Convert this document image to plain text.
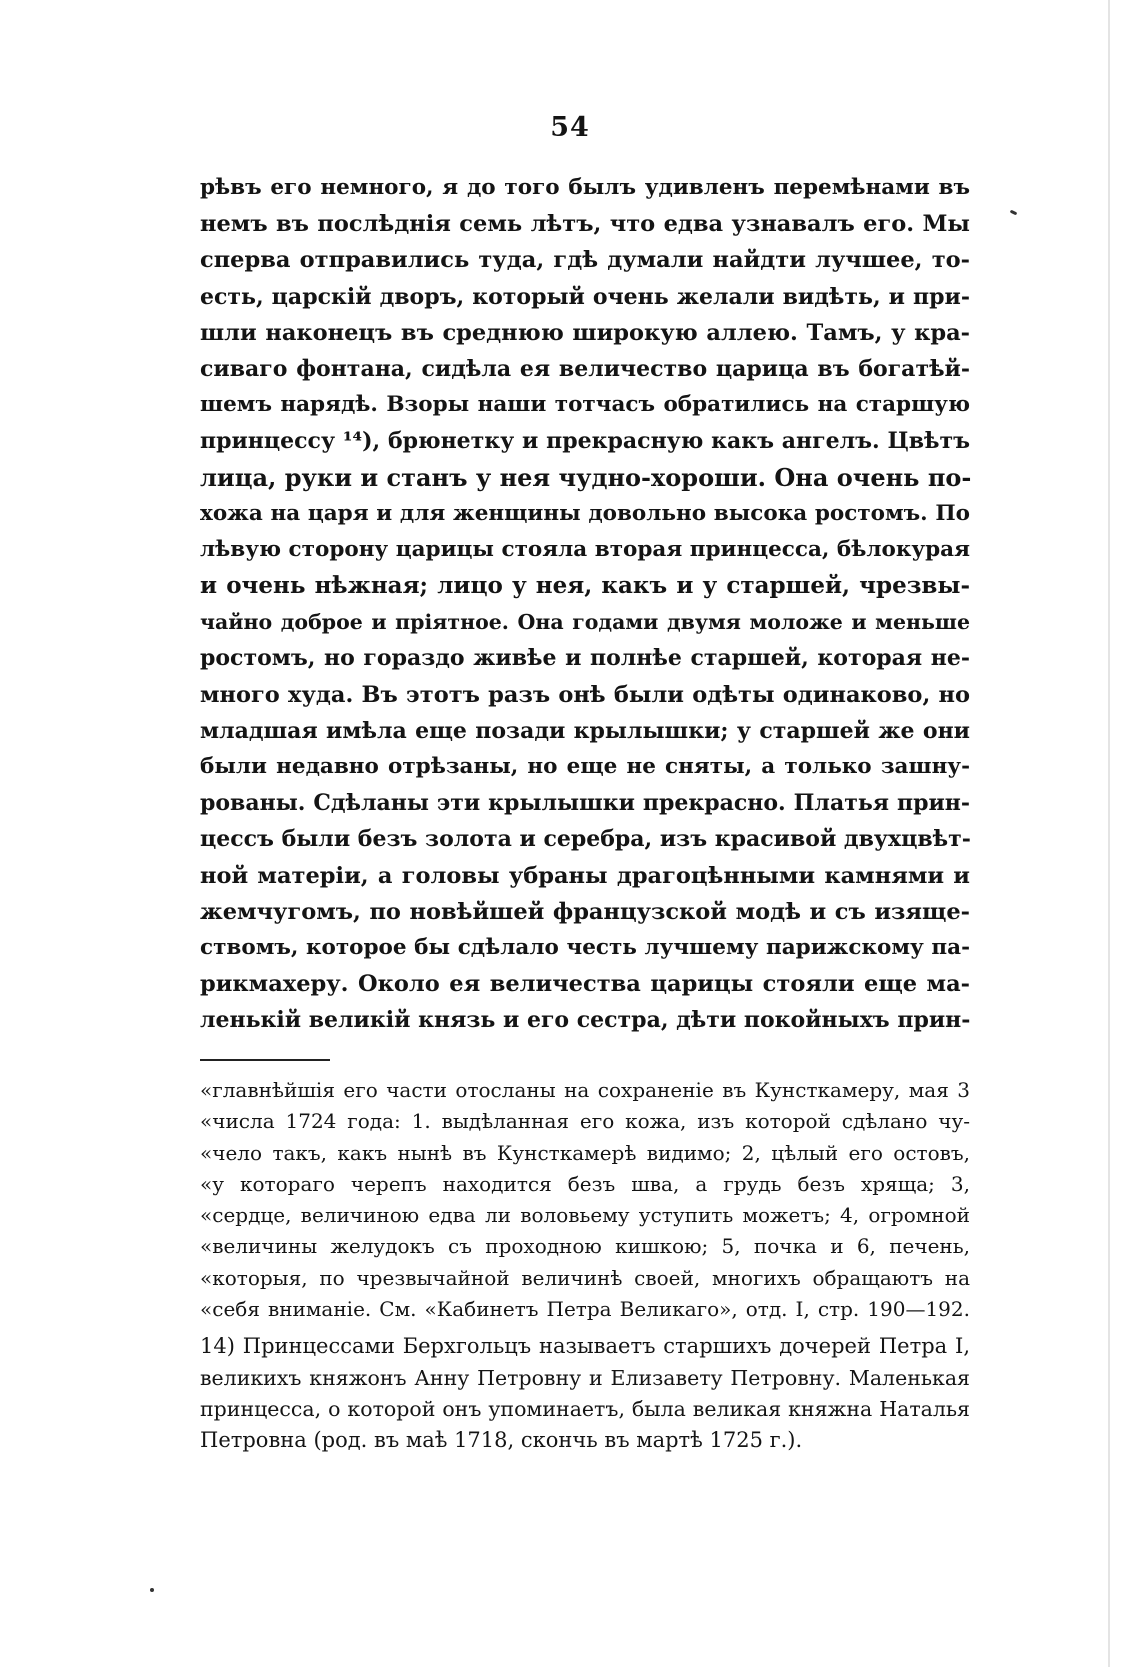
54
рѣвъ его немного, я до того былъ удивленъ перемѣнами въ
немъ въ послѣднія семь лѣтъ, что едва узнавалъ его. Мы
сперва отправились туда, гдѣ думали найдти лучшее, то-
есть, царскій дворъ, который очень желали видѣть, и при-
шли наконецъ въ среднюю широкую аллею. Тамъ, у кра-
сиваго фонтана, сидѣла ея величество царица въ богатѣй-
шемъ нарядѣ. Взоры наши тотчасъ обратились на старшую
принцессу ¹⁴), брюнетку и прекрасную какъ ангелъ. Цвѣтъ
лица, руки и станъ у нея чудно-хороши. Она очень по-
хожа на царя и для женщины довольно высока ростомъ. По
лѣвую сторону царицы стояла вторая принцесса, бѣлокурая
и очень нѣжная; лицо у нея, какъ и у старшей, чрезвы-
чайно доброе и пріятное. Она годами двумя моложе и меньше
ростомъ, но гораздо живѣе и полнѣе старшей, которая не-
много худа. Въ этотъ разъ онѣ были одѣты одинаково, но
младшая имѣла еще позади крылышки; у старшей же они
были недавно отрѣзаны, но еще не сняты, а только зашну-
рованы. Сдѣланы эти крылышки прекрасно. Платья прин-
цессъ были безъ золота и серебра, изъ красивой двухцвѣт-
ной матеріи, а головы убраны драгоцѣнными камнями и
жемчугомъ, по новѣйшей французской модѣ и съ изяще-
ствомъ, которое бы сдѣлало честь лучшему парижскому па-
рикмахеру. Около ея величества царицы стояли еще ма-
ленькій великій князь и его сестра, дѣти покойныхъ прин-
«главнѣйшія его части отосланы на сохраненіе въ Кунсткамеру, мая 3
«числа 1724 года: 1. выдѣланная его кожа, изъ которой сдѣлано чу-
«чело такъ, какъ нынѣ въ Кунсткамерѣ видимо; 2, цѣлый его остовъ,
«у котораго черепъ находится безъ шва, а грудь безъ хряща; 3,
«сердце, величиною едва ли воловьему уступить можетъ; 4, огромной
«величины желудокъ съ проходною кишкою; 5, почка и 6, печень,
«которыя, по чрезвычайной величинѣ своей, многихъ обращаютъ на
«себя вниманіе. См. «Кабинетъ Петра Великаго», отд. I, стр. 190—192.
14) Принцессами Берхгольцъ называетъ старшихъ дочерей Петра I,
великихъ княжонъ Анну Петровну и Елизавету Петровну. Маленькая
принцесса, о которой онъ упоминаетъ, была великая княжна Наталья
Петровна (род. въ маѣ 1718, скончь въ мартѣ 1725 г.).
